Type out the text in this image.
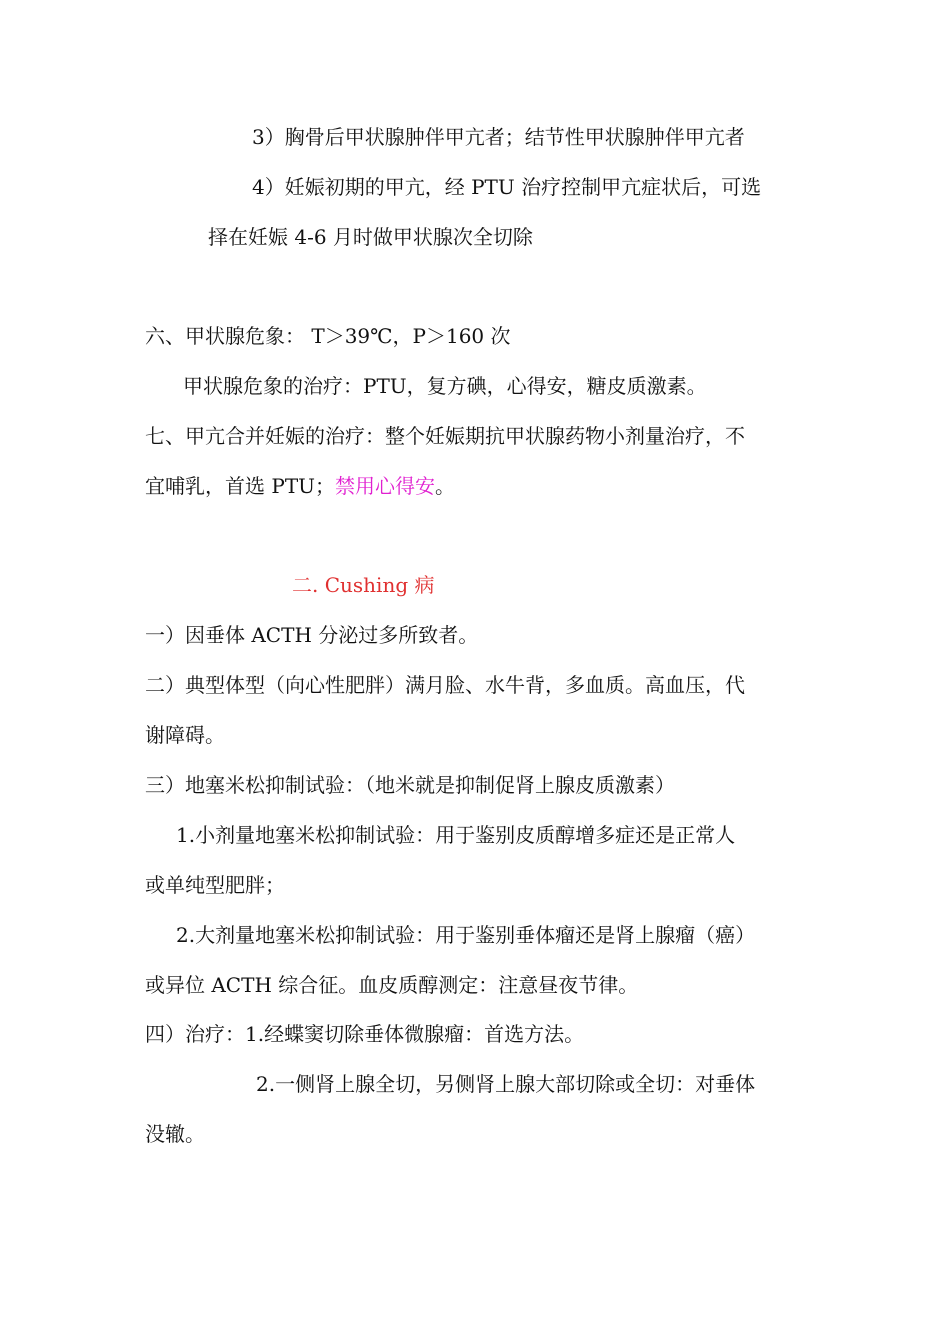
3）胸骨后甲状腺肿伴甲亢者；结节性甲状腺肿伴甲亢者

4）妊娠初期的甲亢，经 PTU 治疗控制甲亢症状后，可选

择在妊娠 4-6 月时做甲状腺次全切除

六、甲状腺危象： T＞39℃，P＞160 次

甲状腺危象的治疗：PTU，复方碘，心得安，糖皮质激素。

七、甲亢合并妊娠的治疗：整个妊娠期抗甲状腺药物小剂量治疗，不

宜哺乳，首选 PTU；禁用心得安。

二. Cushing 病

一）因垂体 ACTH 分泌过多所致者。

二）典型体型（向心性肥胖）满月脸、水牛背，多血质。高血压，代

谢障碍。

三）地塞米松抑制试验：（地米就是抑制促肾上腺皮质激素）

1.小剂量地塞米松抑制试验：用于鉴别皮质醇增多症还是正常人

或单纯型肥胖；

2.大剂量地塞米松抑制试验：用于鉴别垂体瘤还是肾上腺瘤（癌）

或异位 ACTH 综合征。血皮质醇测定：注意昼夜节律。

四）治疗：1.经蝶窦切除垂体微腺瘤：首选方法。

2.一侧肾上腺全切，另侧肾上腺大部切除或全切：对垂体

没辙。
